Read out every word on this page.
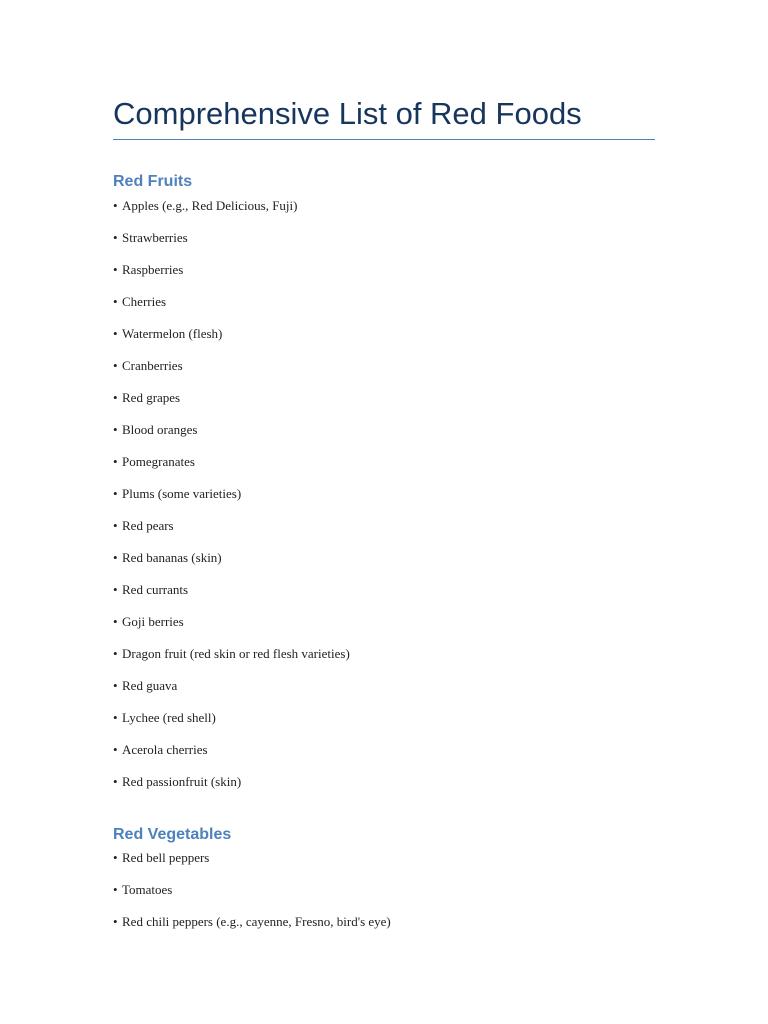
Comprehensive List of Red Foods
Red Fruits
• Apples (e.g., Red Delicious, Fuji)
• Strawberries
• Raspberries
• Cherries
• Watermelon (flesh)
• Cranberries
• Red grapes
• Blood oranges
• Pomegranates
• Plums (some varieties)
• Red pears
• Red bananas (skin)
• Red currants
• Goji berries
• Dragon fruit (red skin or red flesh varieties)
• Red guava
• Lychee (red shell)
• Acerola cherries
• Red passionfruit (skin)
Red Vegetables
• Red bell peppers
• Tomatoes
• Red chili peppers (e.g., cayenne, Fresno, bird's eye)
